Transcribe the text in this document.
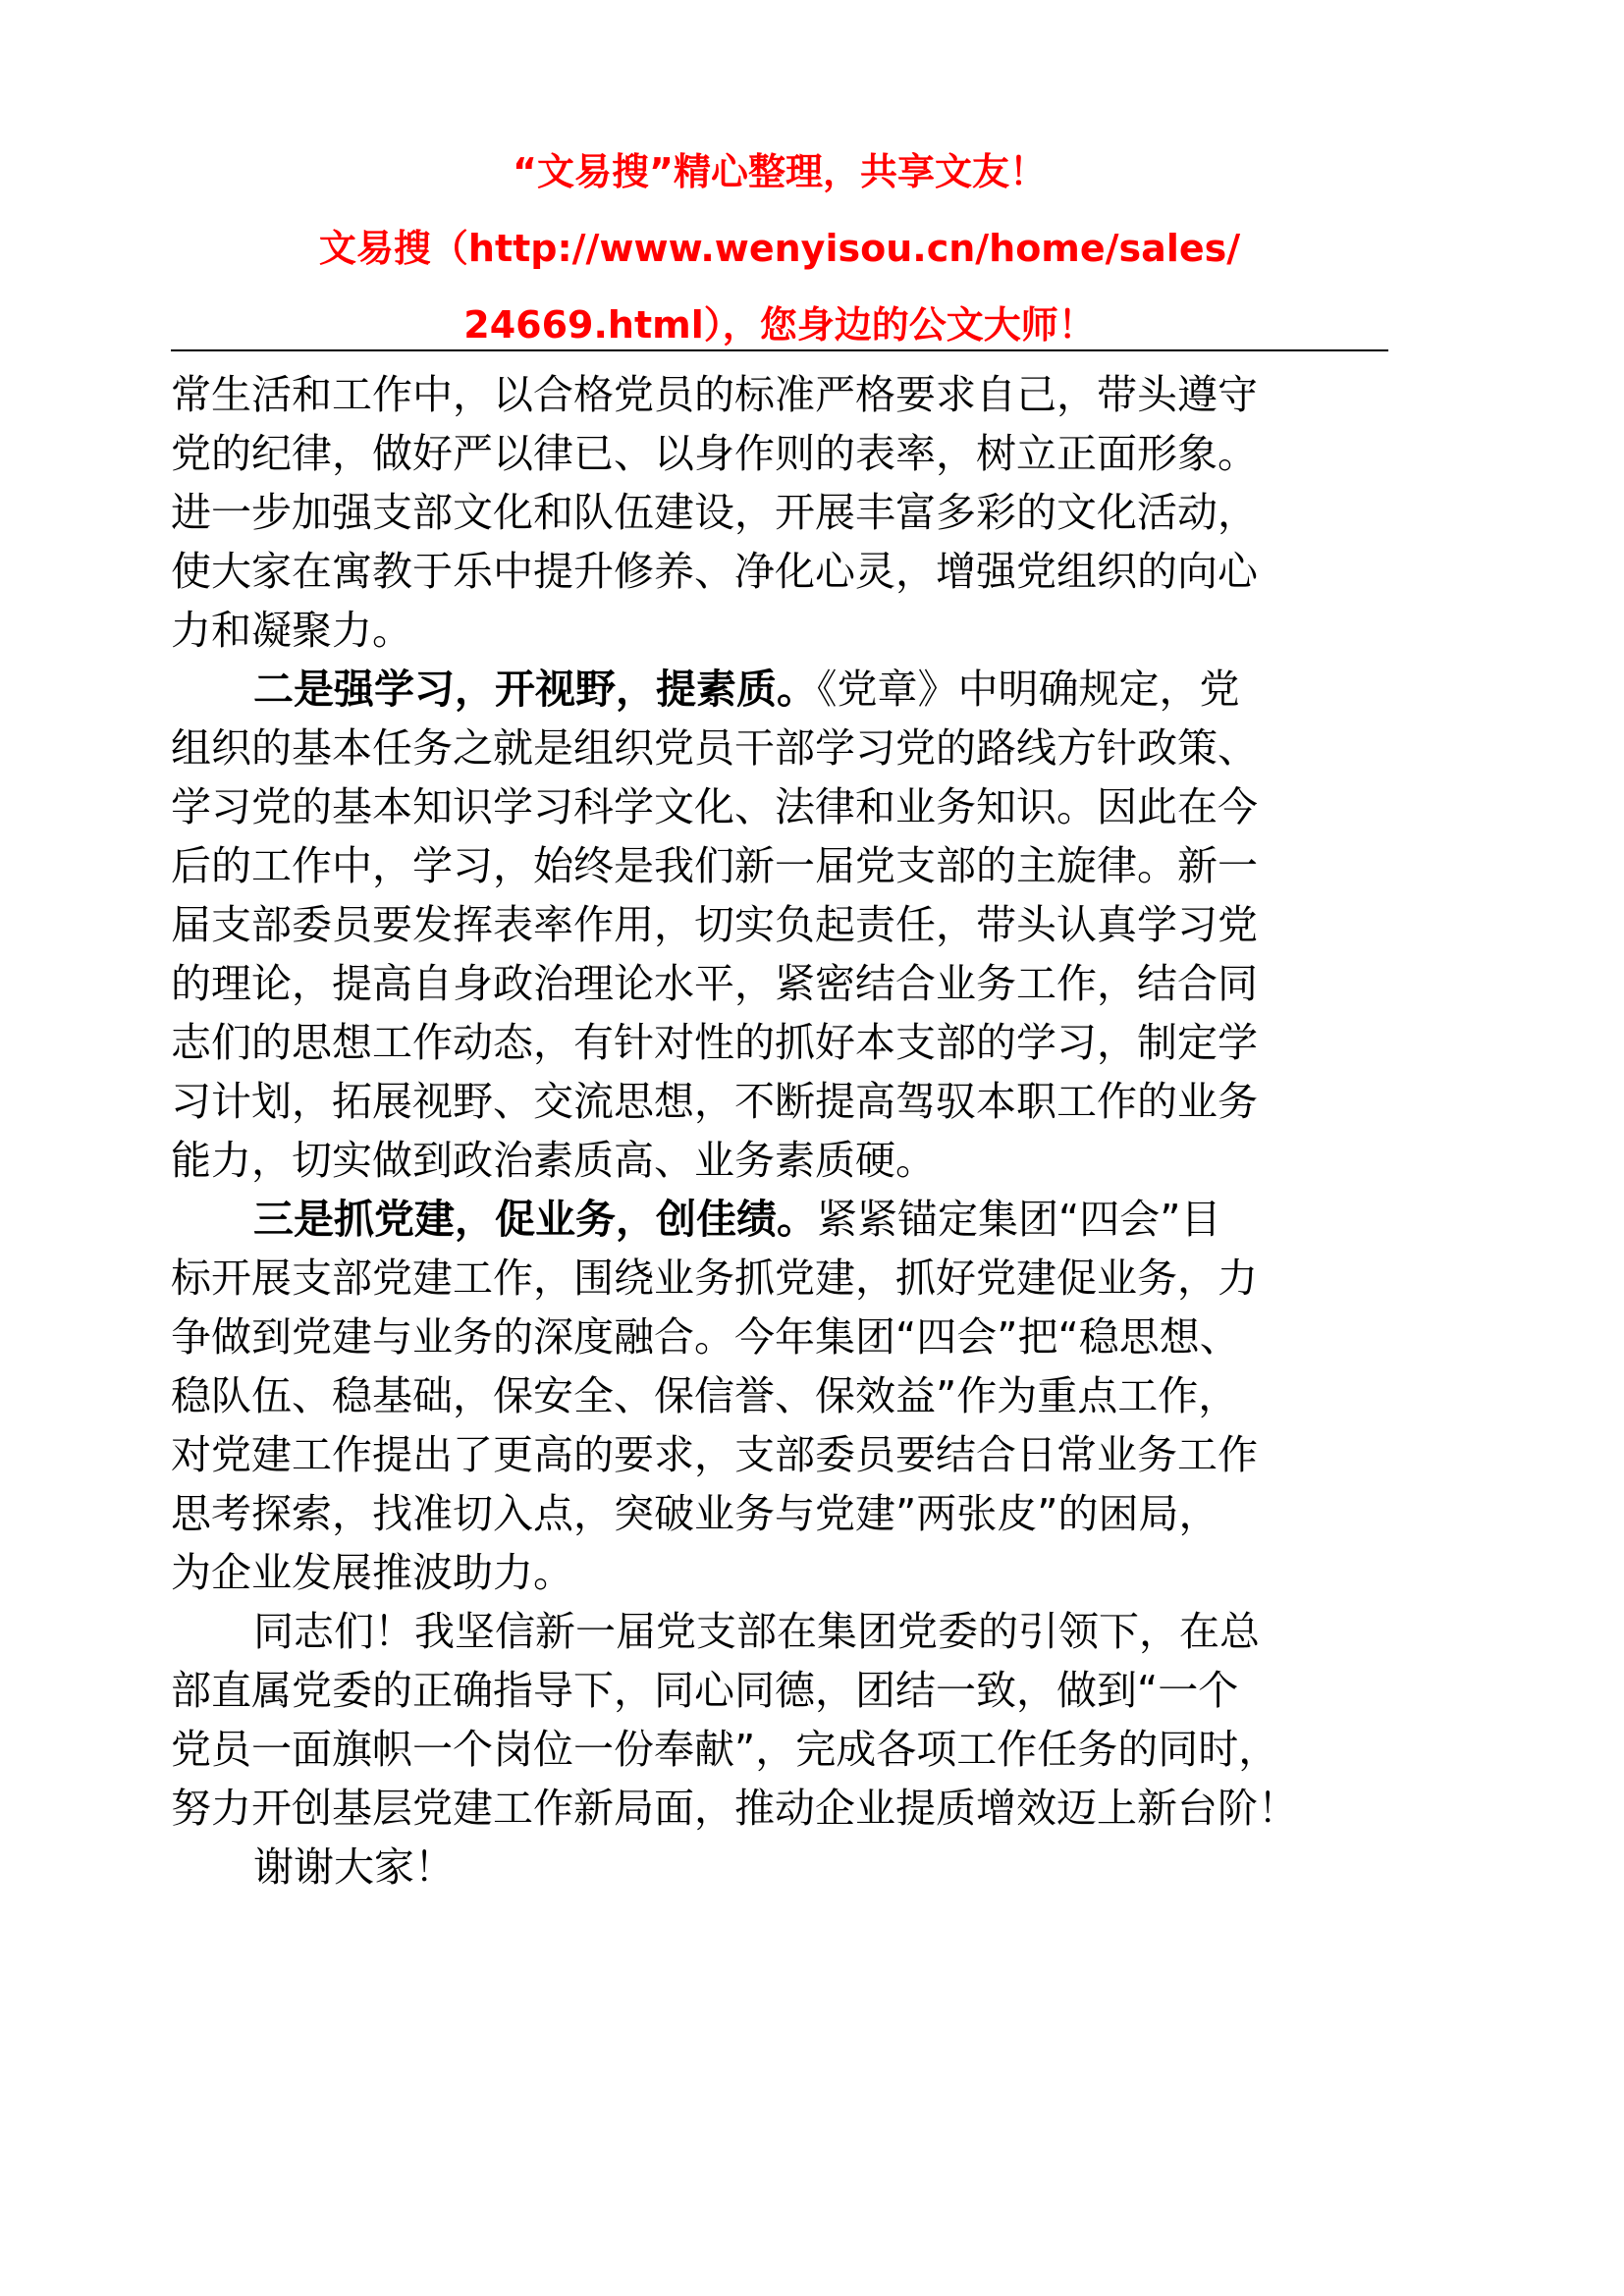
“文易搜”精心整理，共享文友！
文易搜（http://www.wenyisou.cn/home/sales/
24669.html），您身边的公文大师！
常生活和工作中，以合格党员的标准严格要求自己，带头遵守
党的纪律，做好严以律已、以身作则的表率，树立正面形象。
进一步加强支部文化和队伍建设，开展丰富多彩的文化活动，
使大家在寓教于乐中提升修养、净化心灵，增强党组织的向心
力和凝聚力。
二是强学习，开视野，提素质。《党章》中明确规定，党
组织的基本任务之就是组织党员干部学习党的路线方针政策、
学习党的基本知识学习科学文化、法律和业务知识。因此在今
后的工作中，学习，始终是我们新一届党支部的主旋律。新一
届支部委员要发挥表率作用，切实负起责任，带头认真学习党
的理论，提高自身政治理论水平，紧密结合业务工作，结合同
志们的思想工作动态，有针对性的抓好本支部的学习，制定学
习计划，拓展视野、交流思想，不断提高驾驭本职工作的业务
能力，切实做到政治素质高、业务素质硬。
三是抓党建，促业务，创佳绩。紧紧锚定集团“四会”目
标开展支部党建工作，围绕业务抓党建，抓好党建促业务，力
争做到党建与业务的深度融合。今年集团“四会”把“稳思想、
稳队伍、稳基础，保安全、保信誉、保效益”作为重点工作，
对党建工作提出了更高的要求，支部委员要结合日常业务工作
思考探索，找准切入点，突破业务与党建”两张皮”的困局，
为企业发展推波助力。
同志们！我坚信新一届党支部在集团党委的引领下，在总
部直属党委的正确指导下，同心同德，团结一致，做到“一个
党员一面旗帜一个岗位一份奉献”，完成各项工作任务的同时，
努力开创基层党建工作新局面，推动企业提质增效迈上新台阶！
谢谢大家！
